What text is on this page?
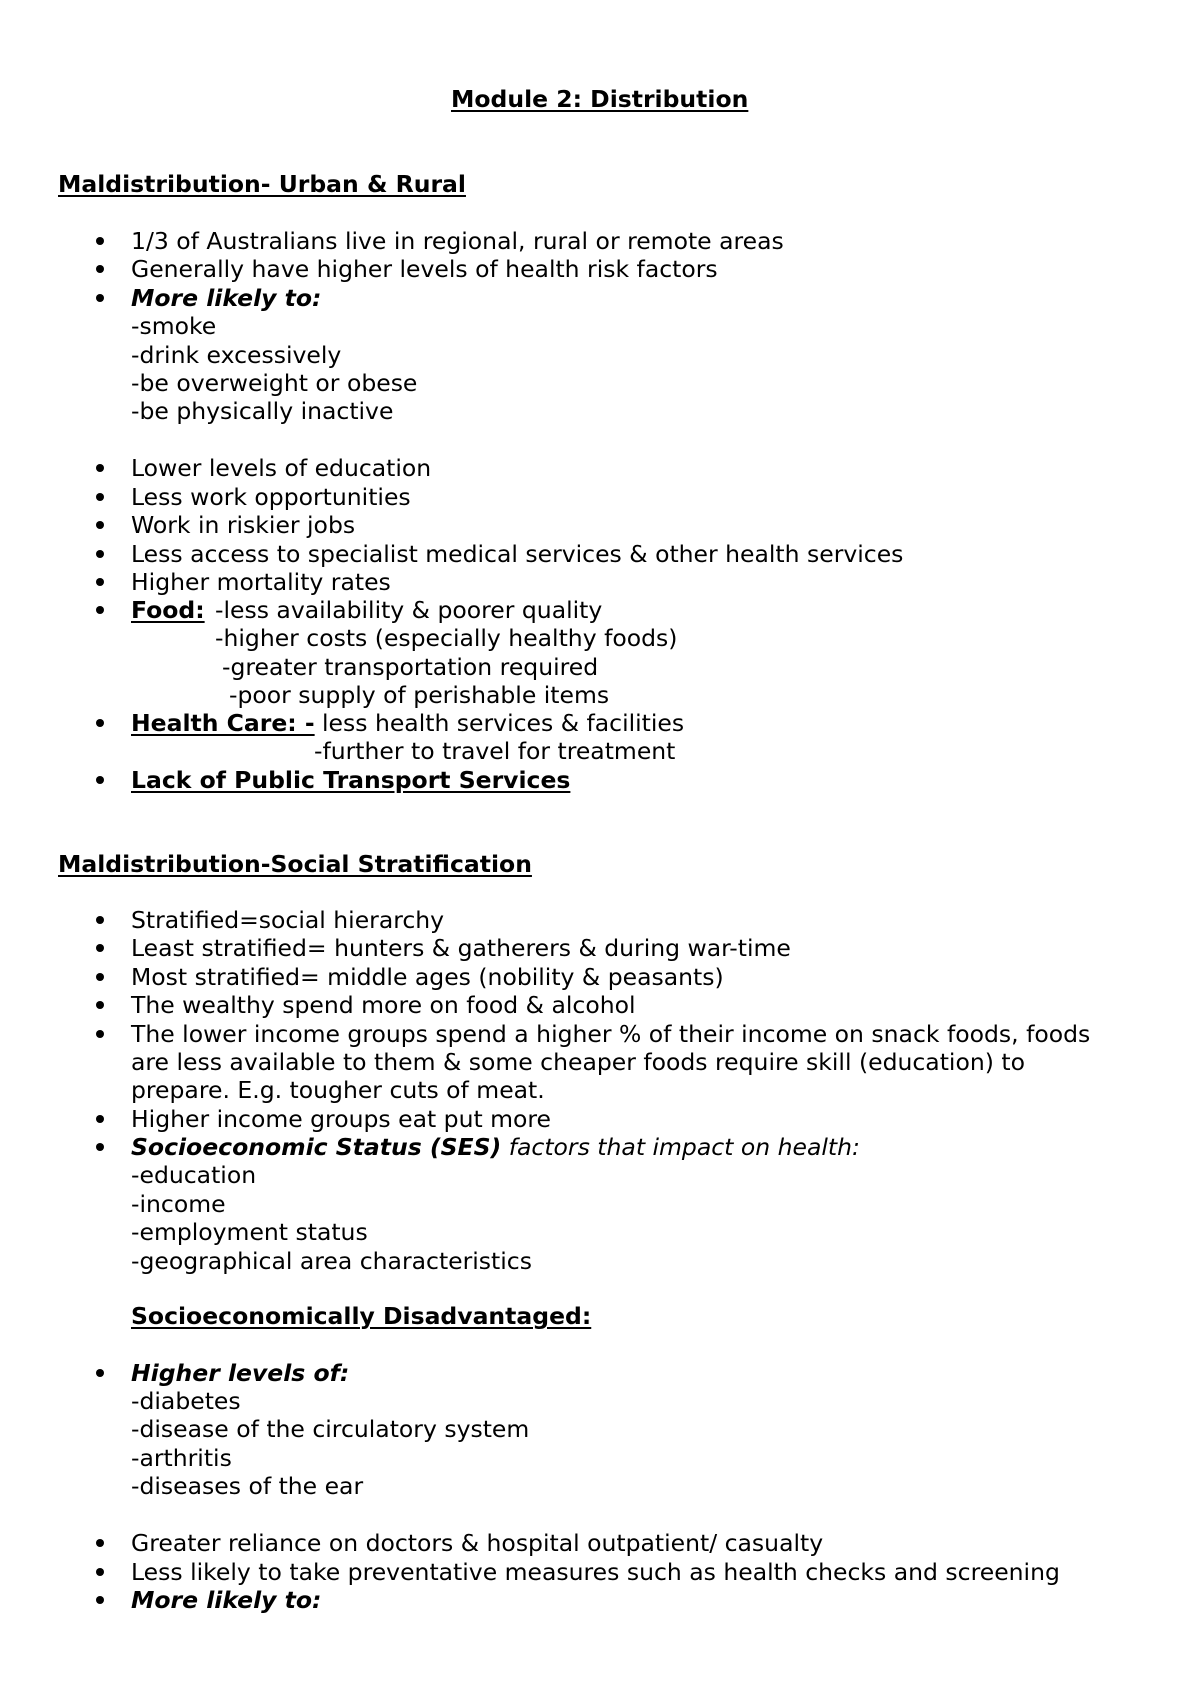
Module 2: Distribution
Maldistribution- Urban & Rural
1/3 of Australians live in regional, rural or remote areas
Generally have higher levels of health risk factors
More likely to:
-smoke
-drink excessively
-be overweight or obese
-be physically inactive
Lower levels of education
Less work opportunities
Work in riskier jobs
Less access to specialist medical services & other health services
Higher mortality rates
Food: -less availability & poorer quality
-higher costs (especially healthy foods)
-greater transportation required
-poor supply of perishable items
Health Care: - less health services & facilities
-further to travel for treatment
Lack of Public Transport Services
Maldistribution-Social Stratification
Stratified=social hierarchy
Least stratified= hunters & gatherers & during war-time
Most stratified= middle ages (nobility & peasants)
The wealthy spend more on food & alcohol
The lower income groups spend a higher % of their income on snack foods, foods
are less available to them & some cheaper foods require skill (education) to
prepare. E.g. tougher cuts of meat.
Higher income groups eat put more
Socioeconomic Status (SES) factors that impact on health:
-education
-income
-employment status
-geographical area characteristics
Socioeconomically Disadvantaged:
Higher levels of:
-diabetes
-disease of the circulatory system
-arthritis
-diseases of the ear
Greater reliance on doctors & hospital outpatient/ casualty
Less likely to take preventative measures such as health checks and screening
More likely to:
